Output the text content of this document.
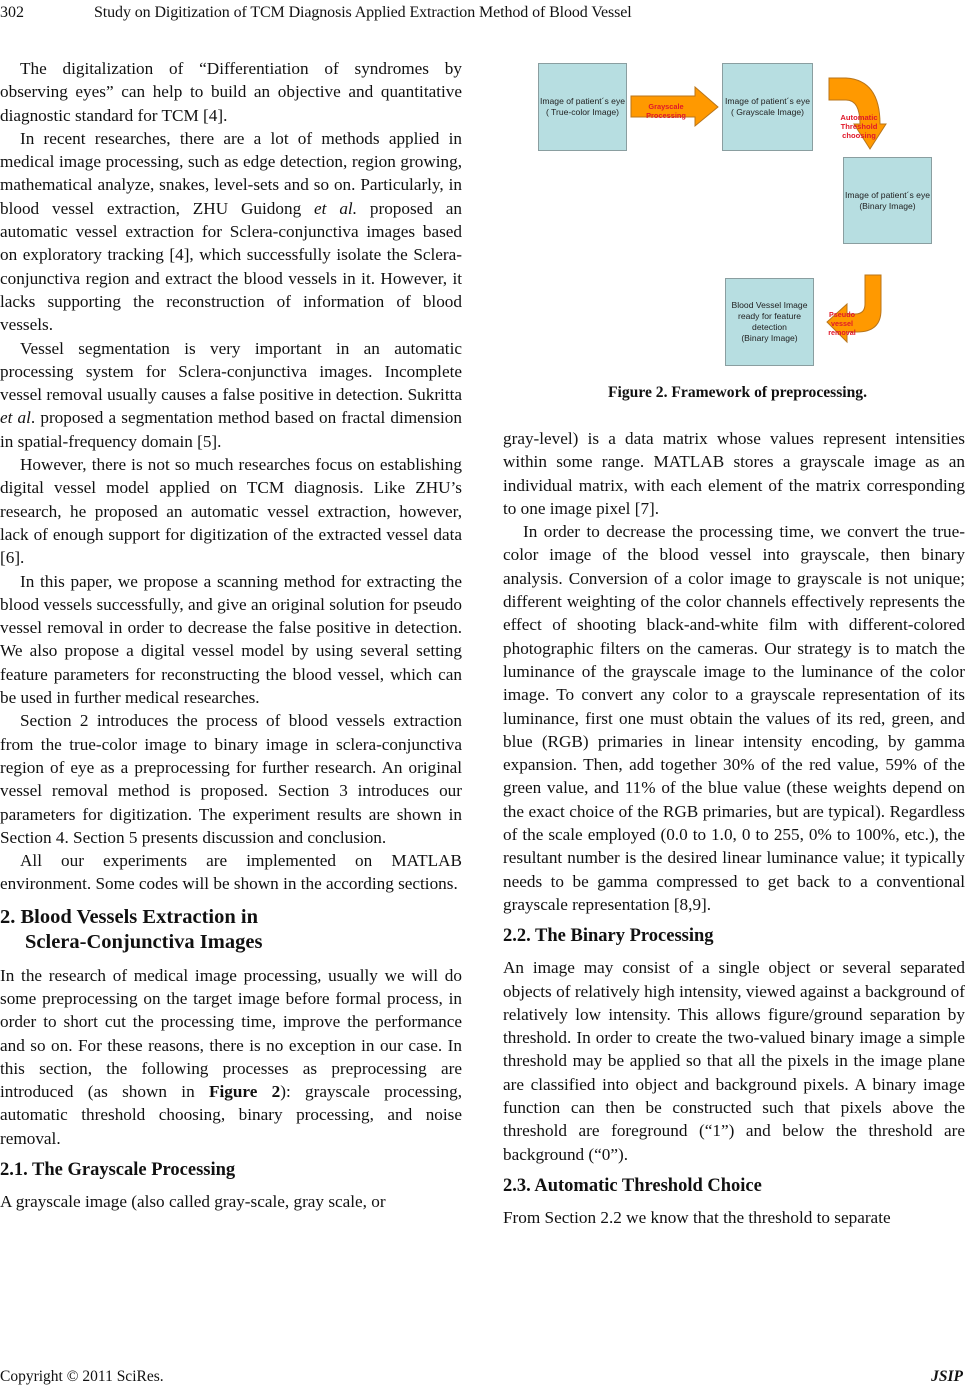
302	Study on Digitization of TCM Diagnosis Applied Extraction Method of Blood Vessel

The digitalization of “Differentiation of syndromes by observing eyes” can help to build an objective and quantitative diagnostic standard for TCM [4].

In recent researches, there are a lot of methods applied in medical image processing, such as edge detection, region growing, mathematical analyze, snakes, level-sets and so on. Particularly, in blood vessel extraction, ZHU Guidong et al. proposed an automatic vessel extraction for Sclera-conjunctiva images based on exploratory tracking [4], which successfully isolate the Sclera-conjunctiva region and extract the blood vessels in it. However, it lacks supporting the reconstruction of information of blood vessels.

Vessel segmentation is very important in an automatic processing system for Sclera-conjunctiva images. Incomplete vessel removal usually causes a false positive in detection. Sukritta et al. proposed a segmentation method based on fractal dimension in spatial-frequency domain [5].

However, there is not so much researches focus on establishing digital vessel model applied on TCM diagnosis. Like ZHU’s research, he proposed an automatic vessel extraction, however, lack of enough support for digitization of the extracted vessel data [6].

In this paper, we propose a scanning method for extracting the blood vessels successfully, and give an original solution for pseudo vessel removal in order to decrease the false positive in detection. We also propose a digital vessel model by using several setting feature parameters for reconstructing the blood vessel, which can be used in further medical researches.

Section 2 introduces the process of blood vessels extraction from the true-color image to binary image in sclera-conjunctiva region of eye as a preprocessing for further research. An original vessel removal method is proposed. Section 3 introduces our parameters for digitization. The experiment results are shown in Section 4. Section 5 presents discussion and conclusion.

All our experiments are implemented on MATLAB environment. Some codes will be shown in the according sections.

2. Blood Vessels Extraction in
Sclera-Conjunctiva Images

In the research of medical image processing, usually we will do some preprocessing on the target image before formal process, in order to short cut the processing time, improve the performance and so on. For these reasons, there is no exception in our case. In this section, the following processes as preprocessing are introduced (as shown in Figure 2): grayscale processing, automatic threshold choosing, binary processing, and noise removal.

2.1. The Grayscale Processing

A grayscale image (also called gray-scale, gray scale, or

Image of patient´s eye
( True-color Image)
Grayscale Processing
Image of patient´s eye
( Grayscale Image)
Automatic
Threshold
choosing
Image of patient´s eye
(Binary Image)
Pseudo
vessel
removal
Blood Vessel Image
ready for feature
detection
(Binary Image)
Figure 2. Framework of preprocessing.

gray-level) is a data matrix whose values represent intensities within some range. MATLAB stores a grayscale image as an individual matrix, with each element of the matrix corresponding to one image pixel [7].

In order to decrease the processing time, we convert the true-color image of the blood vessel into grayscale, then binary analysis. Conversion of a color image to grayscale is not unique; different weighting of the color channels effectively represents the effect of shooting black-and-white film with different-colored photographic filters on the cameras. Our strategy is to match the luminance of the grayscale image to the luminance of the color image. To convert any color to a grayscale representation of its luminance, first one must obtain the values of its red, green, and blue (RGB) primaries in linear intensity encoding, by gamma expansion. Then, add together 30% of the red value, 59% of the green value, and 11% of the blue value (these weights depend on the exact choice of the RGB primaries, but are typical). Regardless of the scale employed (0.0 to 1.0, 0 to 255, 0% to 100%, etc.), the resultant number is the desired linear luminance value; it typically needs to be gamma compressed to get back to a conventional grayscale representation [8,9].

2.2. The Binary Processing

An image may consist of a single object or several separated objects of relatively high intensity, viewed against a background of relatively low intensity. This allows figure/ground separation by threshold. In order to create the two-valued binary image a simple threshold may be applied so that all the pixels in the image plane are classified into object and background pixels. A binary image function can then be constructed such that pixels above the threshold are foreground (“1”) and below the threshold are background (“0”).

2.3. Automatic Threshold Choice

From Section 2.2 we know that the threshold to separate

Copyright © 2011 SciRes.	JSIP
